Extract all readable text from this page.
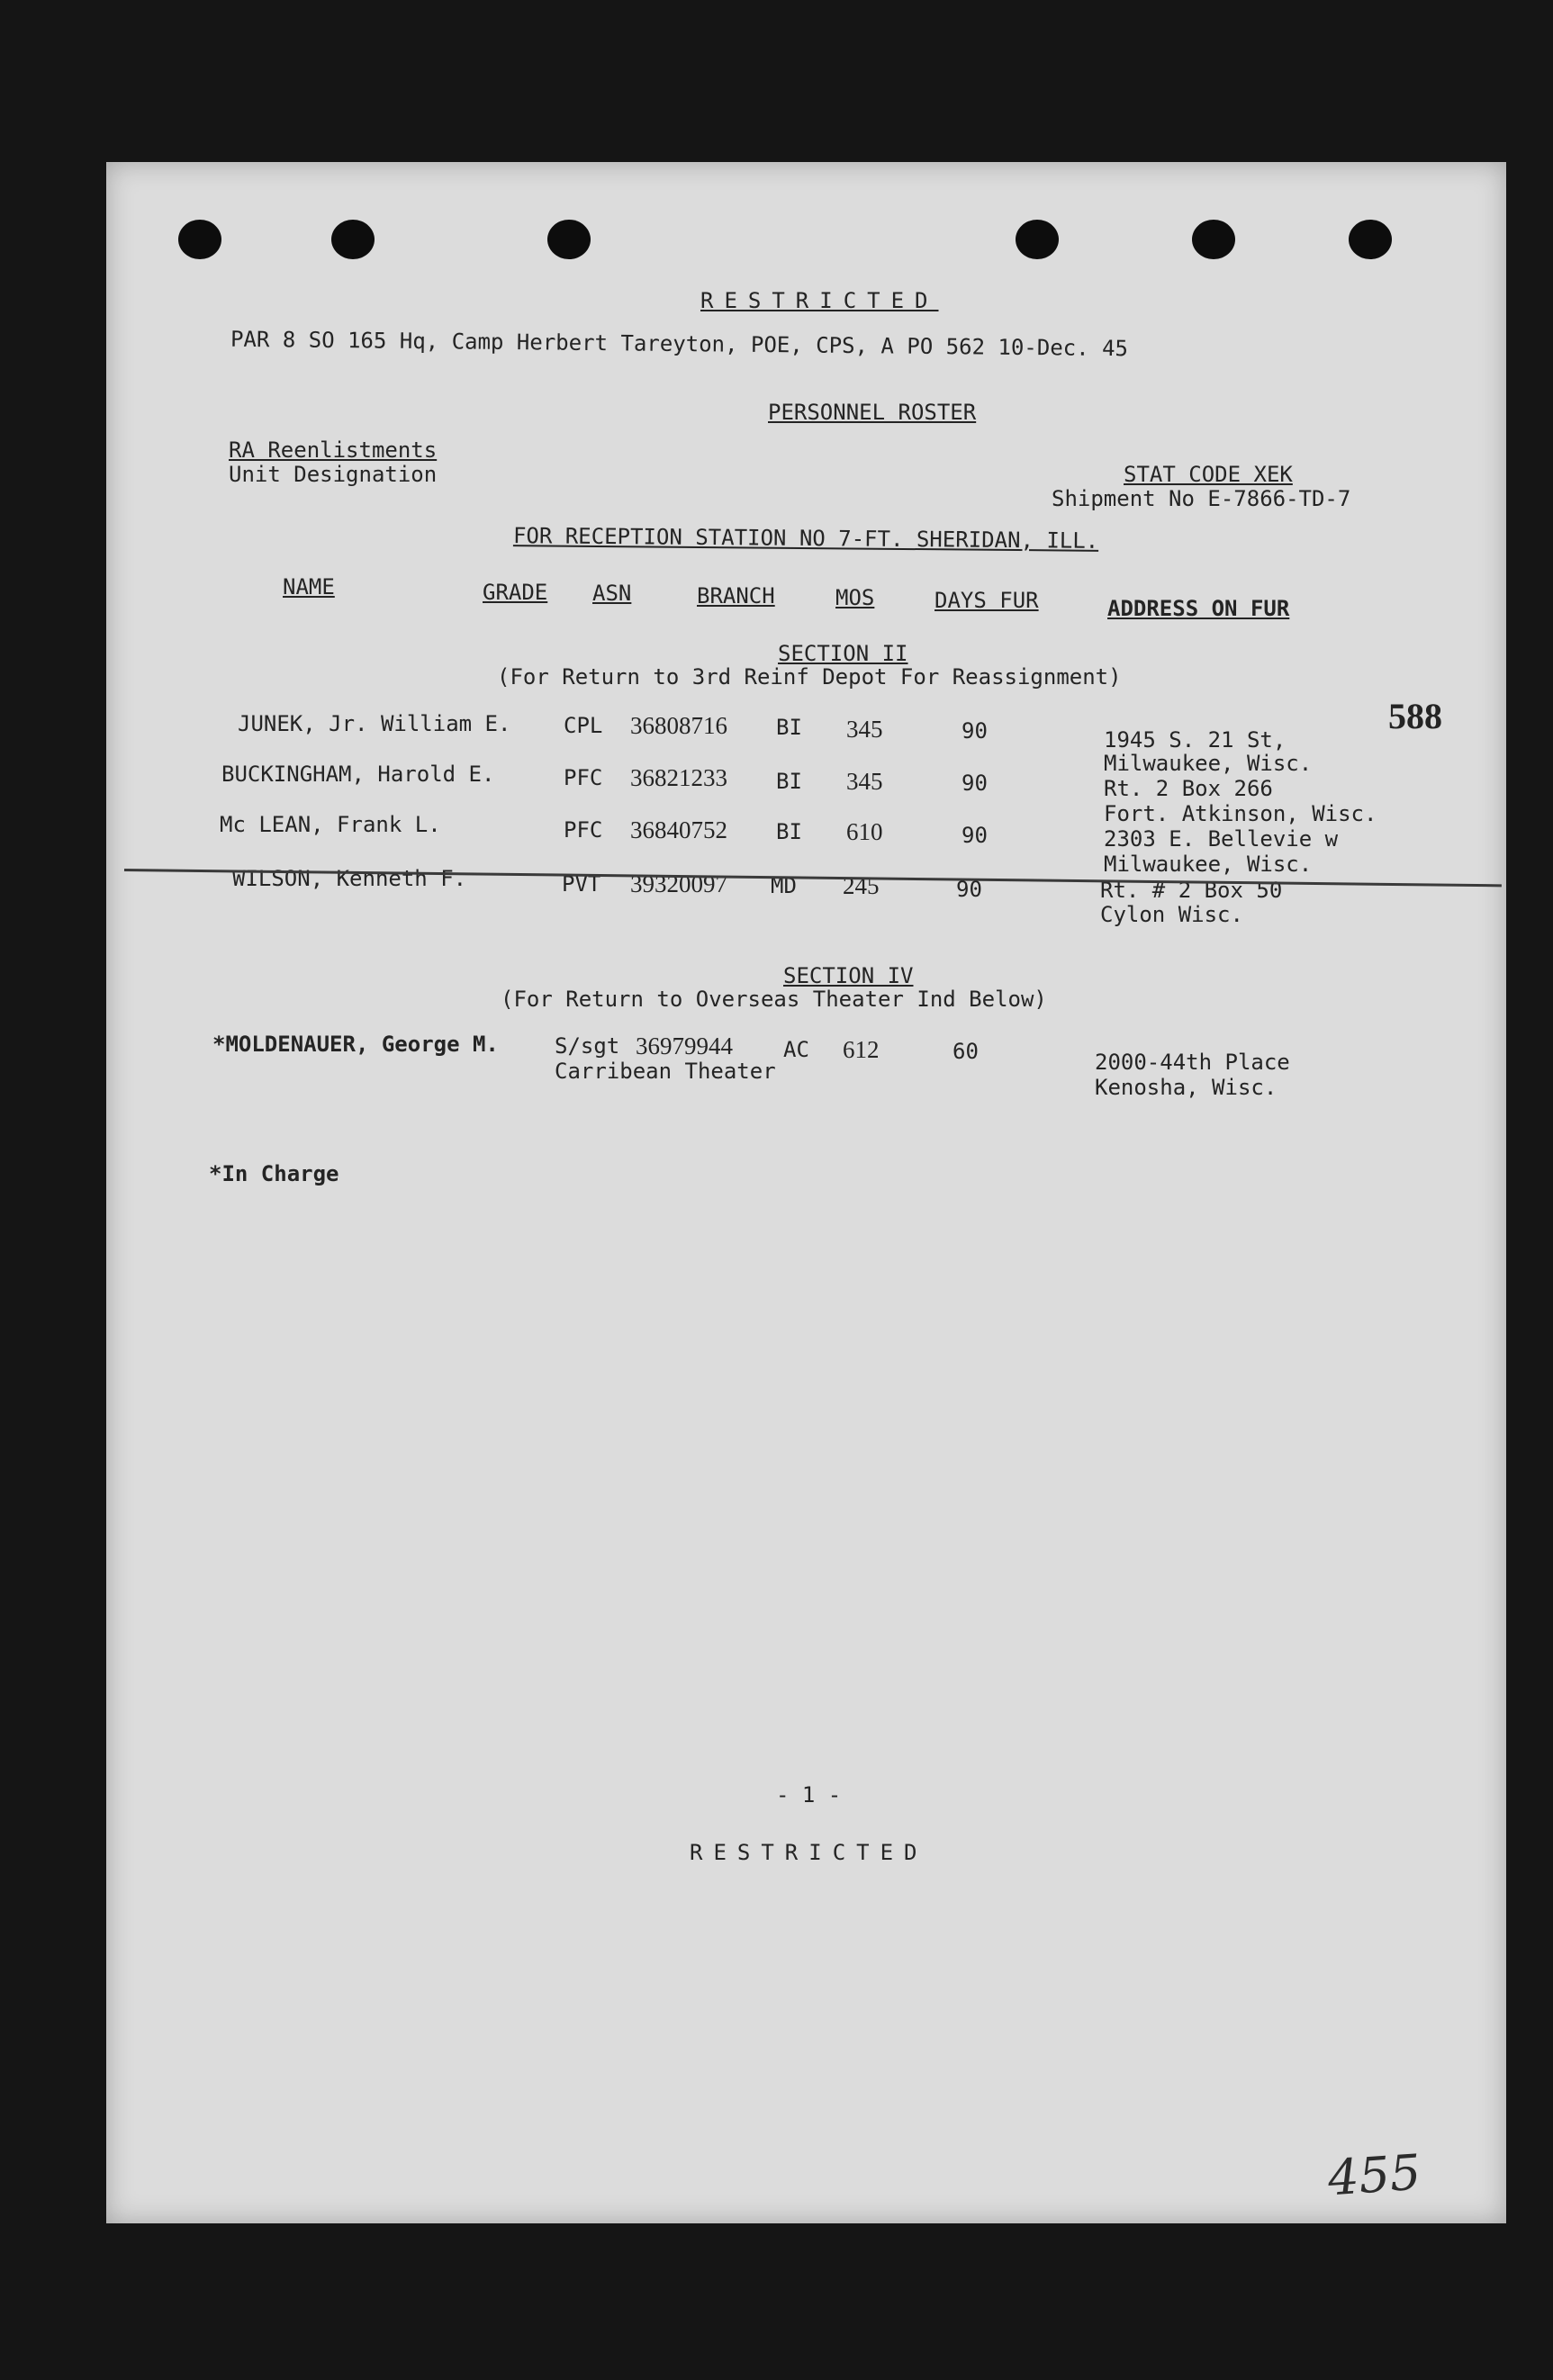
RESTRICTED
PAR 8 SO 165 Hq, Camp Herbert Tareyton, POE, CPS, A PO 562 10-Dec. 45
PERSONNEL ROSTER
RA Reenlistments
Unit Designation	STAT CODE XEK
Shipment No E-7866-TD-7
FOR RECEPTION STATION NO 7-FT. SHERIDAN, ILL.
NAME	GRADE ASN	BRANCH	MOS	DAYS FUR	ADDRESS ON FUR
SECTION II
(For Return to 3rd Reinf Depot For Reassignment)
JUNEK, Jr. William E. CPL 36808716 BI 345	90	1945 S. 21 St,
Milwaukee, Wisc.
BUCKINGHAM, Harold E.	PFC 36821233 BI 345	90	Rt. 2 Box 266
Fort. Atkinson, Wisc.
Mc LEAN, Frank L.	PFC 36840752 BI 610	90	2303 E. Bellevie w
Milwaukee, Wisc.
WILSON, Kenneth F.	PVT 39320097 MD 245	90	Rt. # 2 Box 50
Cylon Wisc.
SECTION IV
(For Return to Overseas Theater Ind Below)
*MOLDENAUER, George M.	S/sgt 36979944 AC 612	60
Carribean Theater	2000-44th Place
Kenosha, Wisc.
*In Charge
- 1 -
RESTRICTED
588
455
